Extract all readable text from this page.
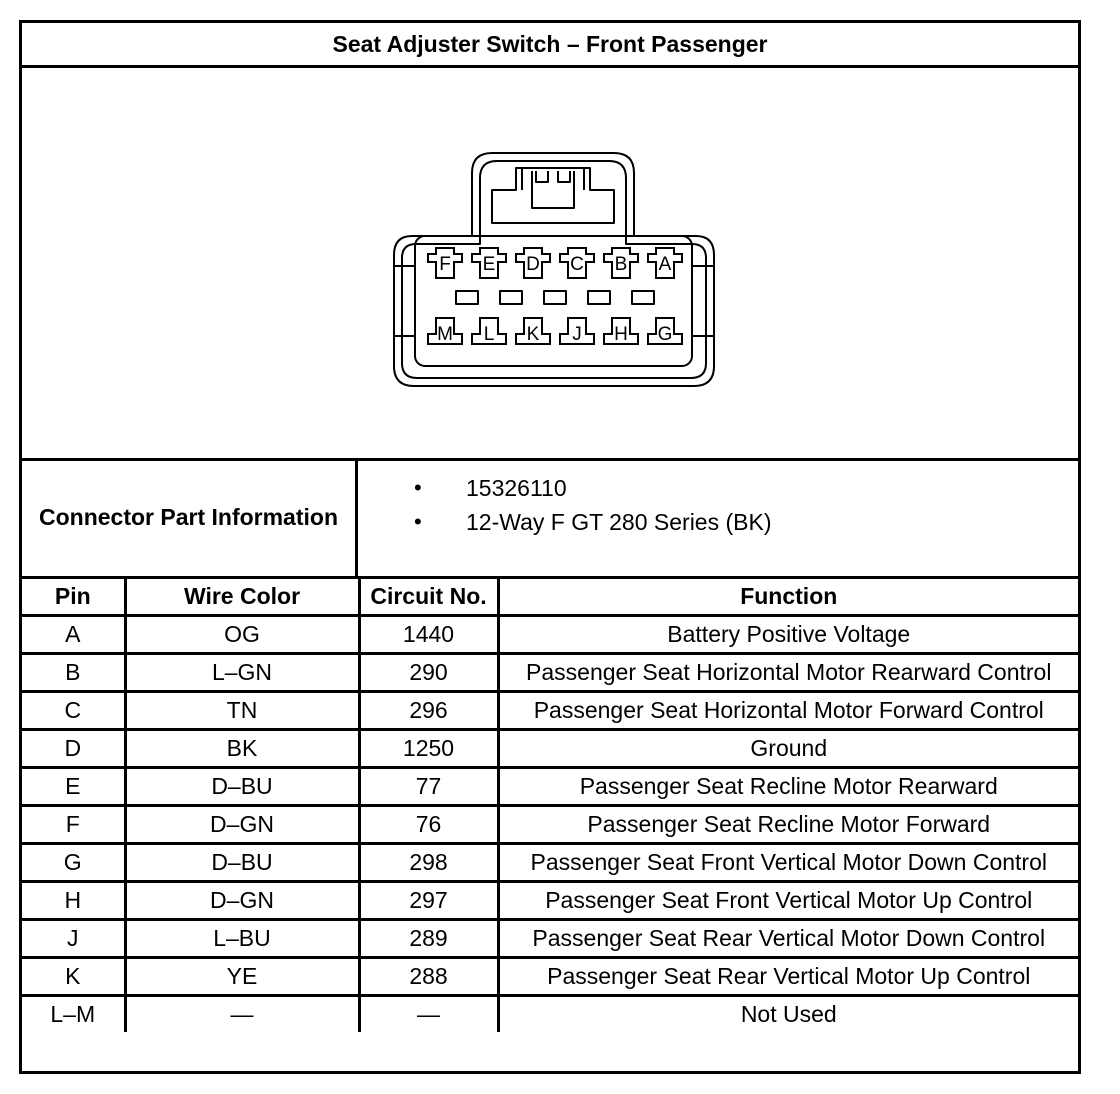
Seat Adjuster Switch – Front Passenger
F E D C B A
M L K J H G
Connector Part Information
• 15326110
• 12-Way F GT 280 Series (BK)
Pin	Wire Color	Circuit No.	Function
A	OG	1440	Battery Positive Voltage
B	L–GN	290	Passenger Seat Horizontal Motor Rearward Control
C	TN	296	Passenger Seat Horizontal Motor Forward Control
D	BK	1250	Ground
E	D–BU	77	Passenger Seat Recline Motor Rearward
F	D–GN	76	Passenger Seat Recline Motor Forward
G	D–BU	298	Passenger Seat Front Vertical Motor Down Control
H	D–GN	297	Passenger Seat Front Vertical Motor Up Control
J	L–BU	289	Passenger Seat Rear Vertical Motor Down Control
K	YE	288	Passenger Seat Rear Vertical Motor Up Control
L–M	—	—	Not Used
